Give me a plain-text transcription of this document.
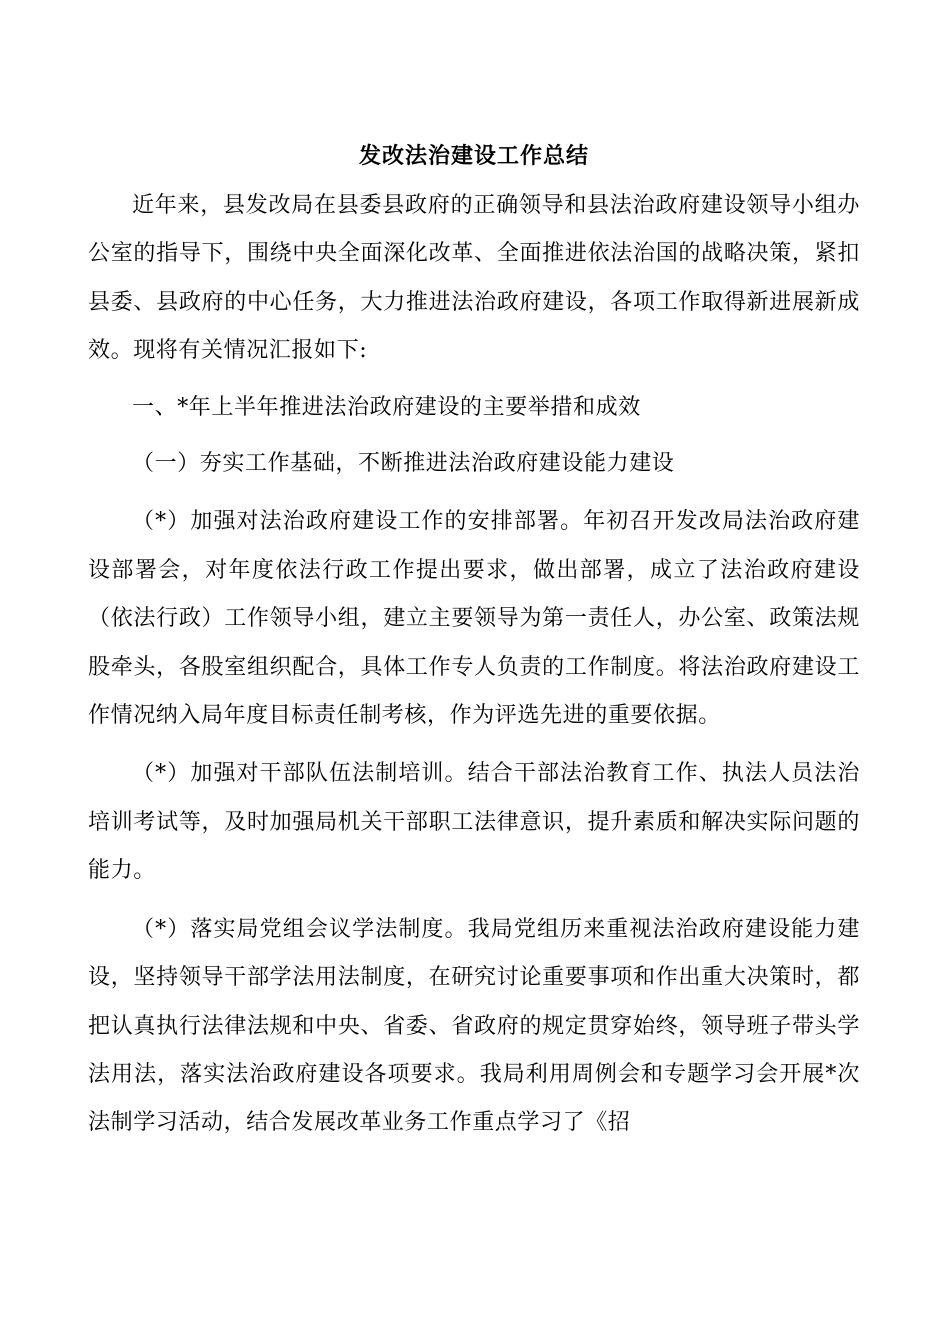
发改法治建设工作总结

近年来，县发改局在县委县政府的正确领导和县法治政府建设领导小组办公室的指导下，围绕中央全面深化改革、全面推进依法治国的战略决策，紧扣县委、县政府的中心任务，大力推进法治政府建设，各项工作取得新进展新成效。现将有关情况汇报如下:

一、*年上半年推进法治政府建设的主要举措和成效

（一）夯实工作基础，不断推进法治政府建设能力建设

（*）加强对法治政府建设工作的安排部署。年初召开发改局法治政府建设部署会，对年度依法行政工作提出要求，做出部署，成立了法治政府建设（依法行政）工作领导小组，建立主要领导为第一责任人，办公室、政策法规股牵头，各股室组织配合，具体工作专人负责的工作制度。将法治政府建设工作情况纳入局年度目标责任制考核，作为评选先进的重要依据。

（*）加强对干部队伍法制培训。结合干部法治教育工作、执法人员法治培训考试等，及时加强局机关干部职工法律意识，提升素质和解决实际问题的能力。

（*）落实局党组会议学法制度。我局党组历来重视法治政府建设能力建设，坚持领导干部学法用法制度，在研究讨论重要事项和作出重大决策时，都把认真执行法律法规和中央、省委、省政府的规定贯穿始终，领导班子带头学法用法，落实法治政府建设各项要求。我局利用周例会和专题学习会开展*次法制学习活动，结合发展改革业务工作重点学习了《招
